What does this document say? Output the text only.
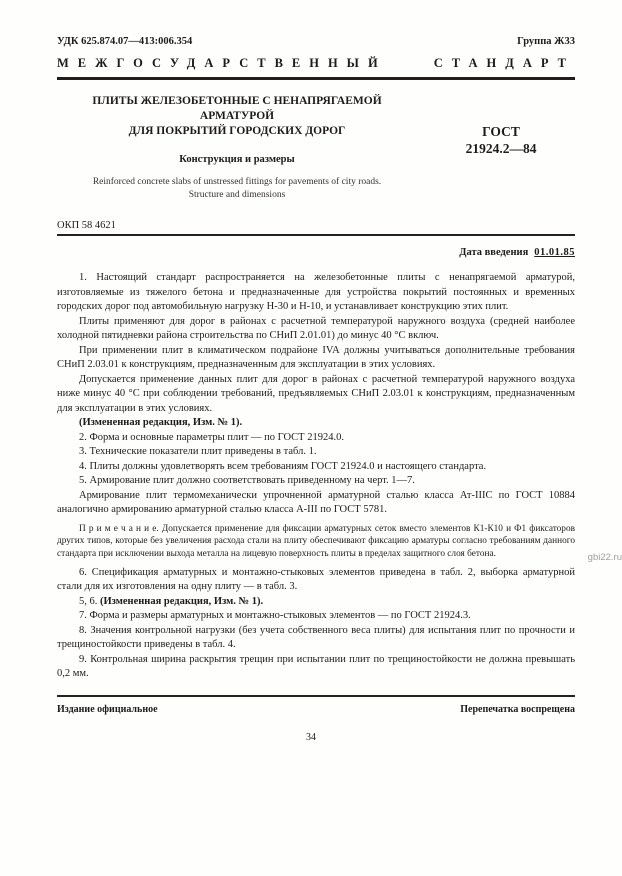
УДК 625.874.07—413:006.354	Группа Ж33
МЕЖГОСУДАРСТВЕННЫЙ	СТАНДАРТ
ПЛИТЫ ЖЕЛЕЗОБЕТОННЫЕ С НЕНАПРЯГАЕМОЙ АРМАТУРОЙ
ДЛЯ ПОКРЫТИЙ ГОРОДСКИХ ДОРОГ
Конструкция и размеры
Reinforced concrete slabs of unstressed fittings for pavements of city roads.
Structure and dimensions
ГОСТ
21924.2—84
ОКП 58 4621
Дата введения 01.01.85

1. Настоящий стандарт распространяется на железобетонные плиты с ненапрягаемой арматурой, изготовляемые из тяжелого бетона и предназначенные для устройства покрытий постоянных и временных городских дорог под автомобильную нагрузку Н-30 и Н-10, и устанавливает конструкцию этих плит.

Плиты применяют для дорог в районах с расчетной температурой наружного воздуха (средней наиболее холодной пятидневки района строительства по СНиП 2.01.01) до минус 40 °С включ.

При применении плит в климатическом подрайоне IVA должны учитываться дополнительные требования СНиП 2.03.01 к конструкциям, предназначенным для эксплуатации в этих условиях.

Допускается применение данных плит для дорог в районах с расчетной температурой наружного воздуха ниже минус 40 °С при соблюдении требований, предъявляемых СНиП 2.03.01 к конструкциям, предназначенным для эксплуатации в этих условиях.

(Измененная редакция, Изм. № 1).

2. Форма и основные параметры плит — по ГОСТ 21924.0.

3. Технические показатели плит приведены в табл. 1.

4. Плиты должны удовлетворять всем требованиям ГОСТ 21924.0 и настоящего стандарта.

5. Армирование плит должно соответствовать приведенному на черт. 1—7.

Армирование плит термомеханически упрочненной арматурной сталью класса Ат-IIIС по ГОСТ 10884 аналогично армированию арматурной сталью класса А-III по ГОСТ 5781.

П р и м е ч а н и е. Допускается применение для фиксации арматурных сеток вместо элементов К1-К10 и Ф1 фиксаторов других типов, которые без увеличения расхода стали на плиту обеспечивают фиксацию арматуры согласно требованиям данного стандарта при исключении выхода металла на лицевую поверхность плиты в пределах защитного слоя бетона.

6. Спецификация арматурных и монтажно-стыковых элементов приведена в табл. 2, выборка арматурной стали для их изготовления на одну плиту — в табл. 3.

5, 6. (Измененная редакция, Изм. № 1).

7. Форма и размеры арматурных и монтажно-стыковых элементов — по ГОСТ 21924.3.

8. Значения контрольной нагрузки (без учета собственного веса плиты) для испытания плит по прочности и трещиностойкости приведены в табл. 4.

9. Контрольная ширина раскрытия трещин при испытании плит по трещиностойкости не должна превышать 0,2 мм.

Издание официальное	Перепечатка воспрещена
34
gbi22.ru
